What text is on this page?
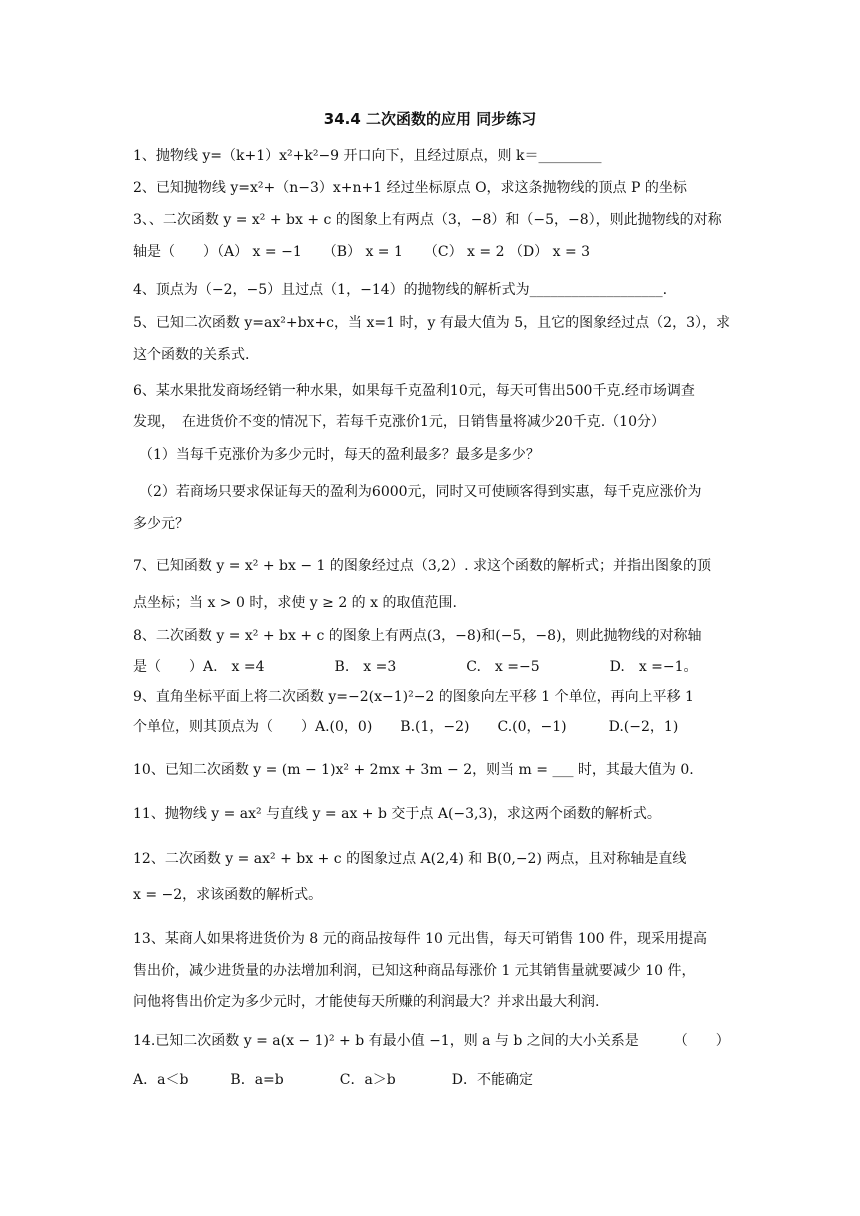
34.4 二次函数的应用 同步练习
1、抛物线 y=（k+1）x²+k²−9 开口向下，且经过原点，则 k＝_________
2、已知抛物线 y=x²+（n−3）x+n+1 经过坐标原点 O，求这条抛物线的顶点 P 的坐标
3、、二次函数 y = x² + bx + c 的图象上有两点（3，−8）和（−5，−8），则此抛物线的对称
轴是（　　）（A） x = −1　　（B） x = 1　　（C） x = 2 （D） x = 3
4、顶点为（−2，−5）且过点（1，−14）的抛物线的解析式为___________________.
5、已知二次函数 y=ax²+bx+c，当 x=1 时，y 有最大值为 5，且它的图象经过点（2，3），求
这个函数的关系式.
6、某水果批发商场经销一种水果，如果每千克盈利10元，每天可售出500千克.经市场调查
发现，　在进货价不变的情况下，若每千克涨价1元，日销售量将减少20千克.（10分）
（1）当每千克涨价为多少元时，每天的盈利最多？最多是多少？
（2）若商场只要求保证每天的盈利为6000元，同时又可使顾客得到实惠，每千克应涨价为
多少元？
7、已知函数 y = x² + bx − 1 的图象经过点（3,2）. 求这个函数的解析式；并指出图象的顶
点坐标；当 x > 0 时，求使 y ≥ 2 的 x 的取值范围.
8、二次函数 y = x² + bx + c 的图象上有两点(3，−8)和(−5，−8)，则此抛物线的对称轴
是（　　）A.　x =4　　　　　B.　x =3　　　　　C.　x =−5　　　　　D.　x =−1。
9、直角坐标平面上将二次函数 y=−2(x−1)²−2 的图象向左平移 1 个单位，再向上平移 1
个单位，则其顶点为（　　）A.(0，0)　　B.(1，−2)　　C.(0，−1)　　　D.(−2，1)
10、已知二次函数 y = (m − 1)x² + 2mx + 3m − 2，则当 m = ___ 时，其最大值为 0.
11、抛物线 y = ax² 与直线 y = ax + b 交于点 A(−3,3)，求这两个函数的解析式。
12、二次函数 y = ax² + bx + c 的图象过点 A(2,4) 和 B(0,−2) 两点，且对称轴是直线
x = −2，求该函数的解析式。
13、某商人如果将进货价为 8 元的商品按每件 10 元出售，每天可销售 100 件，现采用提高
售出价，减少进货量的办法增加利润，已知这种商品每涨价 1 元其销售量就要减少 10 件，
问他将售出价定为多少元时，才能使每天所赚的利润最大？并求出最大利润.
14.已知二次函数 y = a(x − 1)² + b 有最小值 −1，则 a 与 b 之间的大小关系是　　　（　　）
A．a＜b　　　B．a=b　　　　C．a＞b　　　　D．不能确定
